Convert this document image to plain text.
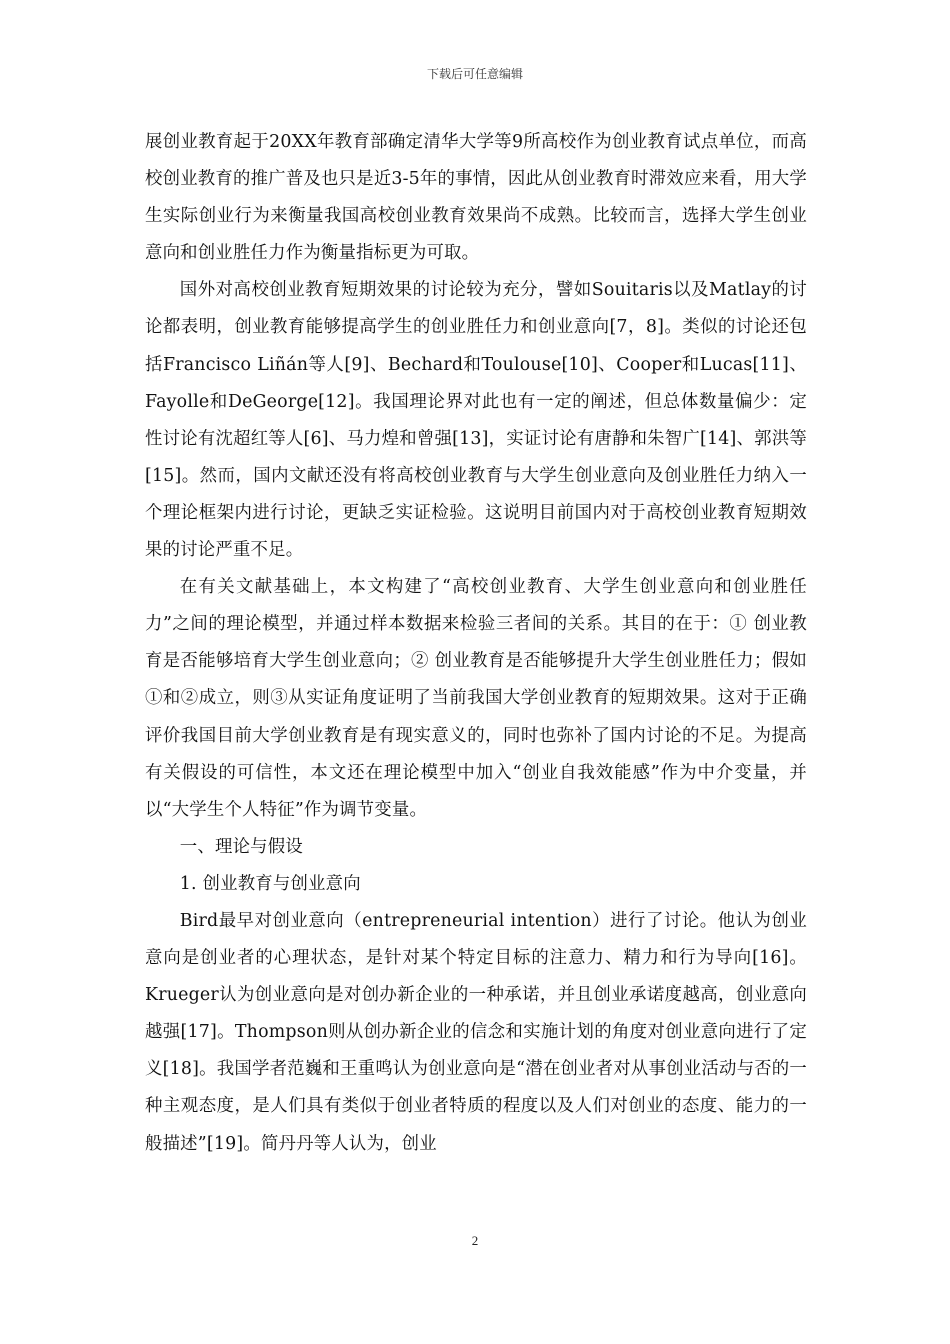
下载后可任意编辑

展创业教育起于20XX年教育部确定清华大学等9所高校作为创业教育试点单位，而高校创业教育的推广普及也只是近3-5年的事情，因此从创业教育时滞效应来看，用大学生实际创业行为来衡量我国高校创业教育效果尚不成熟。比较而言，选择大学生创业意向和创业胜任力作为衡量指标更为可取。

国外对高校创业教育短期效果的讨论较为充分，譬如Souitaris以及Matlay的讨论都表明，创业教育能够提高学生的创业胜任力和创业意向[7，8]。类似的讨论还包括Francisco Liñán等人[9]、Bechard和Toulouse[10]、Cooper和Lucas[11]、Fayolle和DeGeorge[12]。我国理论界对此也有一定的阐述，但总体数量偏少：定性讨论有沈超红等人[6]、马力煌和曾强[13]，实证讨论有唐静和朱智广[14]、郭洪等[15]。然而，国内文献还没有将高校创业教育与大学生创业意向及创业胜任力纳入一个理论框架内进行讨论，更缺乏实证检验。这说明目前国内对于高校创业教育短期效果的讨论严重不足。

在有关文献基础上，本文构建了“高校创业教育、大学生创业意向和创业胜任力”之间的理论模型，并通过样本数据来检验三者间的关系。其目的在于：① 创业教育是否能够培育大学生创业意向；② 创业教育是否能够提升大学生创业胜任力；假如①和②成立，则③从实证角度证明了当前我国大学创业教育的短期效果。这对于正确评价我国目前大学创业教育是有现实意义的，同时也弥补了国内讨论的不足。为提高有关假设的可信性，本文还在理论模型中加入“创业自我效能感”作为中介变量，并以“大学生个人特征”作为调节变量。

一、理论与假设

1. 创业教育与创业意向

Bird最早对创业意向（entrepreneurial intention）进行了讨论。他认为创业意向是创业者的心理状态，是针对某个特定目标的注意力、精力和行为导向[16]。Krueger认为创业意向是对创办新企业的一种承诺，并且创业承诺度越高，创业意向越强[17]。Thompson则从创办新企业的信念和实施计划的角度对创业意向进行了定义[18]。我国学者范巍和王重鸣认为创业意向是“潜在创业者对从事创业活动与否的一种主观态度，是人们具有类似于创业者特质的程度以及人们对创业的态度、能力的一般描述”[19]。简丹丹等人认为，创业

2
